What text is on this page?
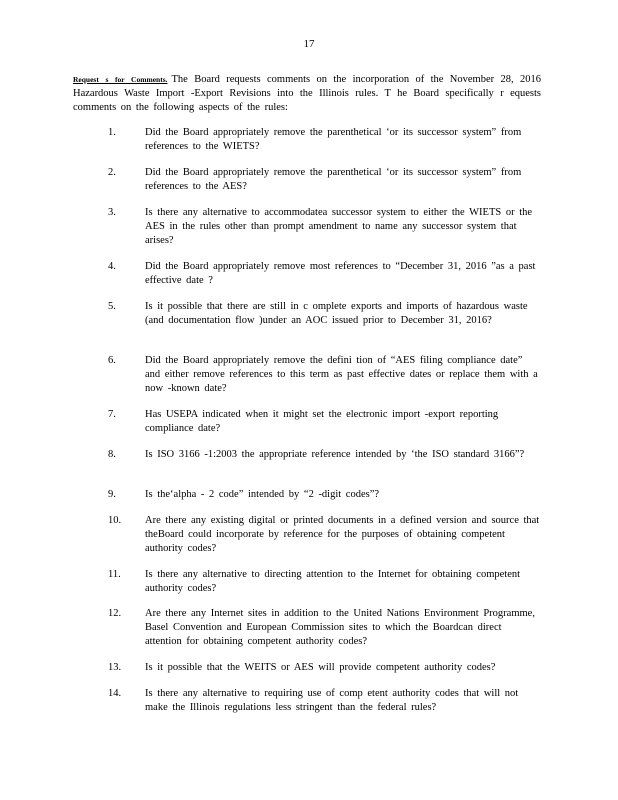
17

Request s for Comments. The Board requests comments on the incorporation of the November 28, 2016 Hazardous Waste Import -Export Revisions into the Illinois rules. T he Board specifically r equests comments on the following aspects of the rules:

1.	Did the Board appropriately remove the parenthetical ‘or its successor system” from references to the WIETS?

2.	Did the Board appropriately remove the parenthetical ‘or its successor system” from references to the AES?

3.	Is there any alternative to accommodatea successor system to either the WIETS or the AES in the rules other than prompt amendment to name any successor system that arises?

4.	Did the Board appropriately remove most references to “December 31, 2016 ”as a past effective date ?

5.	Is it possible that there are still in c omplete exports and imports of hazardous waste (and documentation flow )under an AOC issued prior to December 31, 2016?

6.	Did the Board appropriately remove the defini tion of “AES filing compliance date” and either remove references to this term as past effective dates or replace them with a now -known date?

7.	Has USEPA indicated when it might set the electronic import -export reporting compliance date?

8.	Is ISO 3166 -1:2003 the appropriate reference intended by ‘the ISO standard 3166”?

9.	Is the‘alpha - 2 code” intended by “2 -digit codes”?

10.	Are there any existing digital or printed documents in a defined version and source that theBoard could incorporate by reference for the purposes of obtaining competent authority codes?

11.	Is there any alternative to directing attention to the Internet for obtaining competent authority codes?

12.	Are there any Internet sites in addition to the United Nations Environment Programme, Basel Convention and European Commission sites to which the Boardcan direct attention for obtaining competent authority codes?

13.	Is it possible that the WEITS or AES will provide competent authority codes?

14.	Is there any alternative to requiring use of comp etent authority codes that will not make the Illinois regulations less stringent than the federal rules?
